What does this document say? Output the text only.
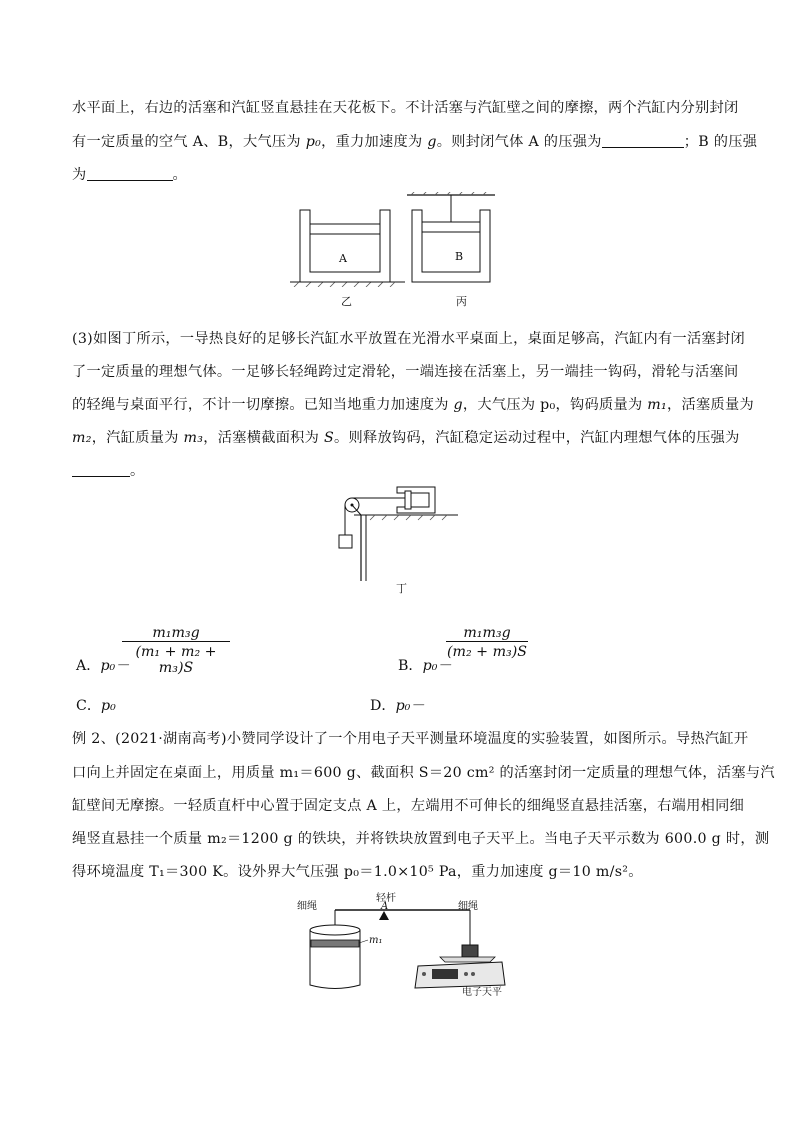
水平面上，右边的活塞和汽缸竖直悬挂在天花板下。不计活塞与汽缸壁之间的摩擦，两个汽缸内分别封闭
有一定质量的空气 A、B，大气压为 p₀，重力加速度为 g。则封闭气体 A 的压强为	；B 的压强
为	。
A	B
乙	丙
(3)如图丁所示，一导热良好的足够长汽缸水平放置在光滑水平桌面上，桌面足够高，汽缸内有一活塞封闭
了一定质量的理想气体。一足够长轻绳跨过定滑轮，一端连接在活塞上，另一端挂一钩码，滑轮与活塞间
的轻绳与桌面平行，不计一切摩擦。已知当地重力加速度为 g，大气压为 p₀，钩码质量为 m₁，活塞质量为
m₂，汽缸质量为 m₃，活塞横截面积为 S。则释放钩码，汽缸稳定运动过程中，汽缸内理想气体的压强为
。
丁
A．p₀－
$\frac{\text{m₁m₃g}}{\text{(m₁ + m₂ + m₃)S}}$	B．p₀－
$\frac{\text{m₁m₃g}}{\text{(m₂ + m₃)S}}$
C．p₀	D．p₀－
例 2、(2021·湖南高考)小赞同学设计了一个用电子天平测量环境温度的实验装置，如图所示。导热汽缸开
口向上并固定在桌面上，用质量 m₁＝600 g、截面积 S＝20 cm² 的活塞封闭一定质量的理想气体，活塞与汽
缸壁间无摩擦。一轻质直杆中心置于固定支点 A 上，左端用不可伸长的细绳竖直悬挂活塞，右端用相同细
绳竖直悬挂一个质量 m₂＝1200 g 的铁块，并将铁块放置到电子天平上。当电子天平示数为 600.0 g 时，测
得环境温度 T₁＝300 K。设外界大气压强 p₀＝1.0×10⁵ Pa，重力加速度 g＝10 m/s²。
细绳
轻杆
A	细绳
m₁
电子天平
